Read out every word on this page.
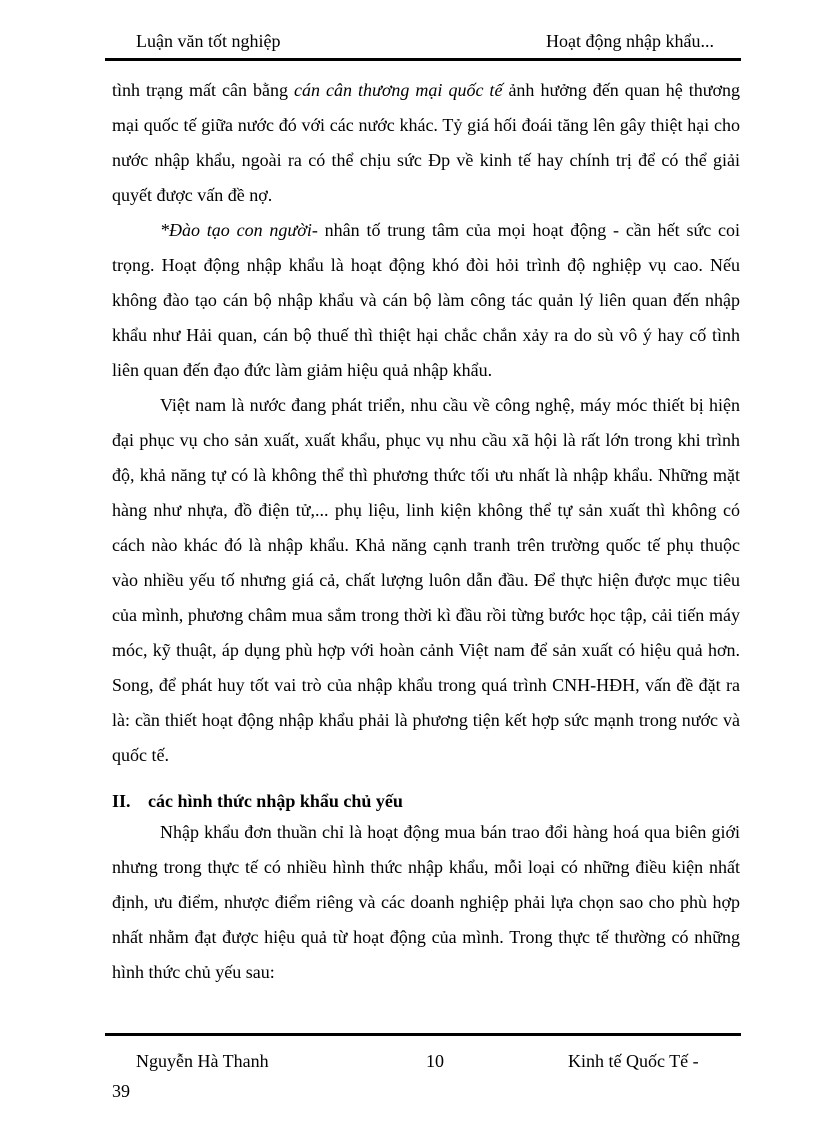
Luận văn tốt nghiệp	Hoạt động nhập khẩu...

tình trạng mất cân bằng cán cân thương mại quốc tế ảnh hưởng đến quan hệ thương mại quốc tế giữa nước đó với các nước khác. Tỷ giá hối đoái tăng lên gây thiệt hại cho nước nhập khẩu, ngoài ra có thể chịu sức Ðp về kinh tế hay chính trị để có thể giải quyết được vấn đề nợ.

*Đào tạo con người- nhân tố trung tâm của mọi hoạt động - cần hết sức coi trọng. Hoạt động nhập khẩu là hoạt động khó đòi hỏi trình độ nghiệp vụ cao. Nếu không đào tạo cán bộ nhập khẩu và cán bộ làm công tác quản lý liên quan đến nhập khẩu như Hải quan, cán bộ thuế thì thiệt hại chắc chắn xảy ra do sù vô ý hay cố tình liên quan đến đạo đức làm giảm hiệu quả nhập khẩu.

Việt nam là nước đang phát triển, nhu cầu về công nghệ, máy móc thiết bị hiện đại phục vụ cho sản xuất, xuất khẩu, phục vụ nhu cầu xã hội là rất lớn trong khi trình độ, khả năng tự có là không thể thì phương thức tối ưu nhất là nhập khẩu. Những mặt hàng như nhựa, đồ điện tử,... phụ liệu, linh kiện không thể tự sản xuất thì không có cách nào khác đó là nhập khẩu. Khả năng cạnh tranh trên trường quốc tế phụ thuộc vào nhiều yếu tố nhưng giá cả, chất lượng luôn dẫn đầu. Để thực hiện được mục tiêu của mình, phương châm mua sắm trong thời kì đầu rồi từng bước học tập, cải tiến máy móc, kỹ thuật, áp dụng phù hợp với hoàn cảnh Việt nam để sản xuất có hiệu quả hơn. Song, để phát huy tốt vai trò của nhập khẩu trong quá trình CNH-HĐH, vấn đề đặt ra là: cần thiết hoạt động nhập khẩu phải là phương tiện kết hợp sức mạnh trong nước và quốc tế.

II. các hình thức nhập khẩu chủ yếu

Nhập khẩu đơn thuần chỉ là hoạt động mua bán trao đổi hàng hoá qua biên giới nhưng trong thực tế có nhiều hình thức nhập khẩu, mỗi loại có những điều kiện nhất định, ưu điểm, nhược điểm riêng và các doanh nghiệp phải lựa chọn sao cho phù hợp nhất nhằm đạt được hiệu quả từ hoạt động của mình. Trong thực tế thường có những hình thức chủ yếu sau:

Nguyễn Hà Thanh	10	Kinh tế Quốc Tế -
39
